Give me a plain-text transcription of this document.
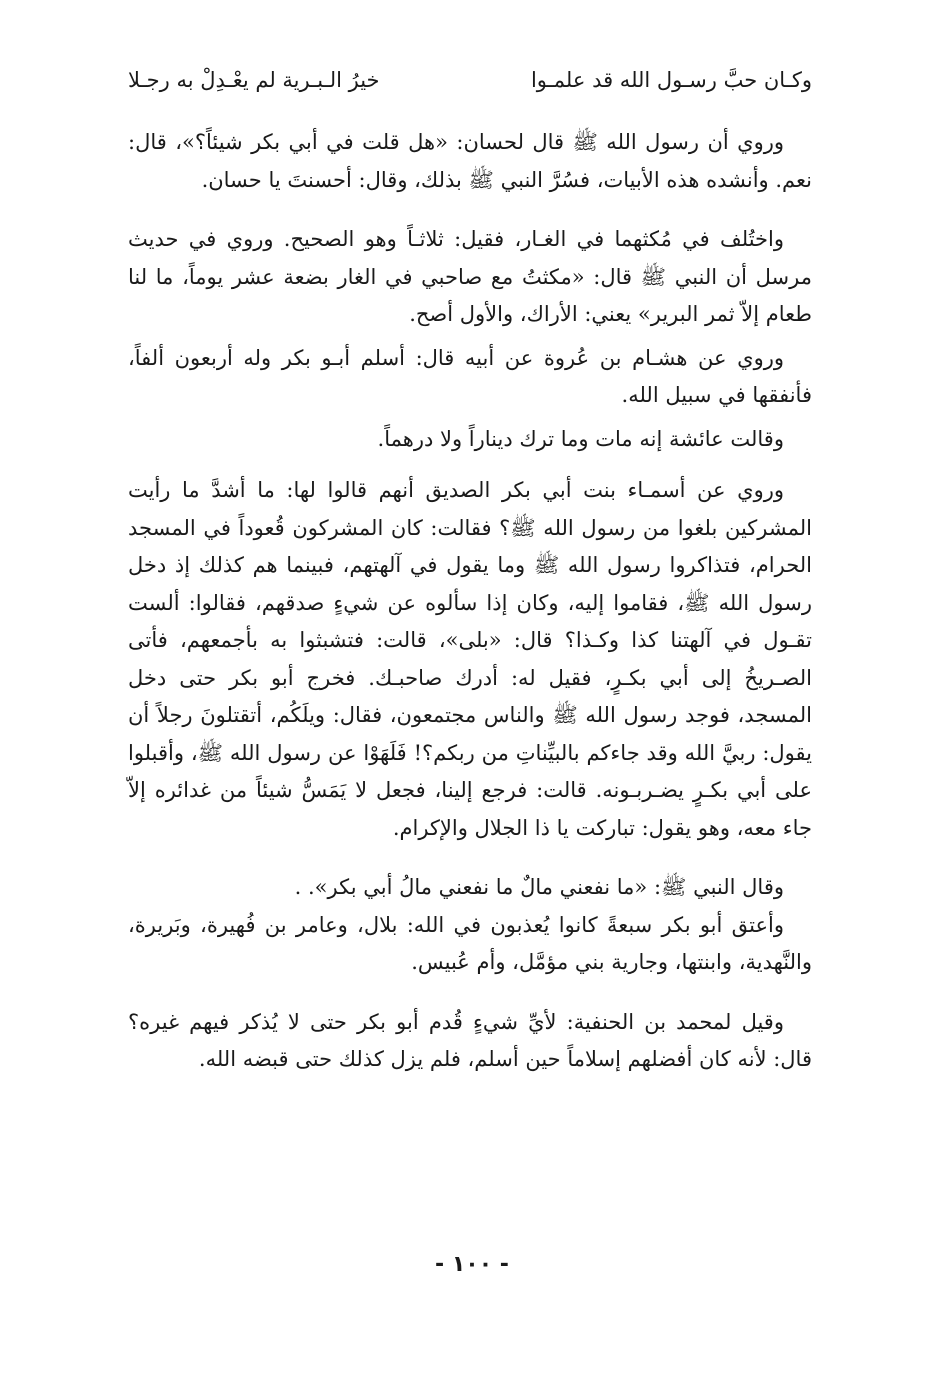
وكـان حبَّ رسـول الله قد علمـوا
خيرُ الـبـرية لم يعْـدِلْ به رجـلا

وروي أن رسول الله ﷺ قال لحسان: «هل قلت في أبي بكر شيئاً؟»، قال: نعم. وأنشده هذه الأبيات، فسُرَّ النبي ﷺ بذلك، وقال: أحسنتَ يا حسان.

واختُلف في مُكثهما في الغـار، فقيل: ثلاثـاً وهو الصحيح. وروي في حديث مرسل أن النبي ﷺ قال: «مكثتُ مع صاحبي في الغار بضعة عشر يوماً، ما لنا طعام إلاّ ثمر البرير» يعني: الأراك، والأول أصح.

وروي عن هشـام بن عُروة عن أبيه قال: أسلم أبـو بكر وله أربعون ألفاً، فأنفقها في سبيل الله.

وقالت عائشة إنه مات وما ترك ديناراً ولا درهماً.

وروي عن أسمـاء بنت أبي بكر الصديق أنهم قالوا لها: ما أشدَّ ما رأيت المشركين بلغوا من رسول الله ﷺ؟ فقالت: كان المشركون قُعوداً في المسجد الحرام، فتذاكروا رسول الله ﷺ وما يقول في آلهتهم، فبينما هم كذلك إذ دخل رسول الله ﷺ، فقاموا إليه، وكان إذا سألوه عن شيءٍ صدقهم، فقالوا: ألست تقـول في آلهتنا كذا وكـذا؟ قال: «بلى»، قالت: فتشبثوا به بأجمعهم، فأتى الصـريخُ إلى أبي بكـرٍ، فقيل له: أدرك صاحبـك. فخرج أبو بكر حتى دخل المسجد، فوجد رسول الله ﷺ والناس مجتمعون، فقال: ويلَكُم، أتقتلونَ رجلاً أن يقول: ربيَّ الله وقد جاءكم بالبيِّناتِ من ربكم؟! فَلَهَوْا عن رسول الله ﷺ، وأقبلوا على أبي بكـرٍ يضـربـونه. قالت: فرجع إلينا، فجعل لا يَمَسُّ شيئاً من غدائره إلاّ جاء معه، وهو يقول: تباركت يا ذا الجلال والإكرام.

وقال النبي ﷺ: «ما نفعني مالٌ ما نفعني مالُ أبي بكر». .

وأعتق أبو بكر سبعةً كانوا يُعذبون في الله: بلال، وعامر بن فُهيرة، وبَريرة، والنَّهدية، وابنتها، وجارية بني مؤمَّل، وأم عُبيس.

وقيل لمحمد بن الحنفية: لأيِّ شيءٍ قُدم أبو بكر حتى لا يُذكر فيهم غيره؟ قال: لأنه كان أفضلهم إسلاماً حين أسلم، فلم يزل كذلك حتى قبضه الله.

- ١٠٠ -
